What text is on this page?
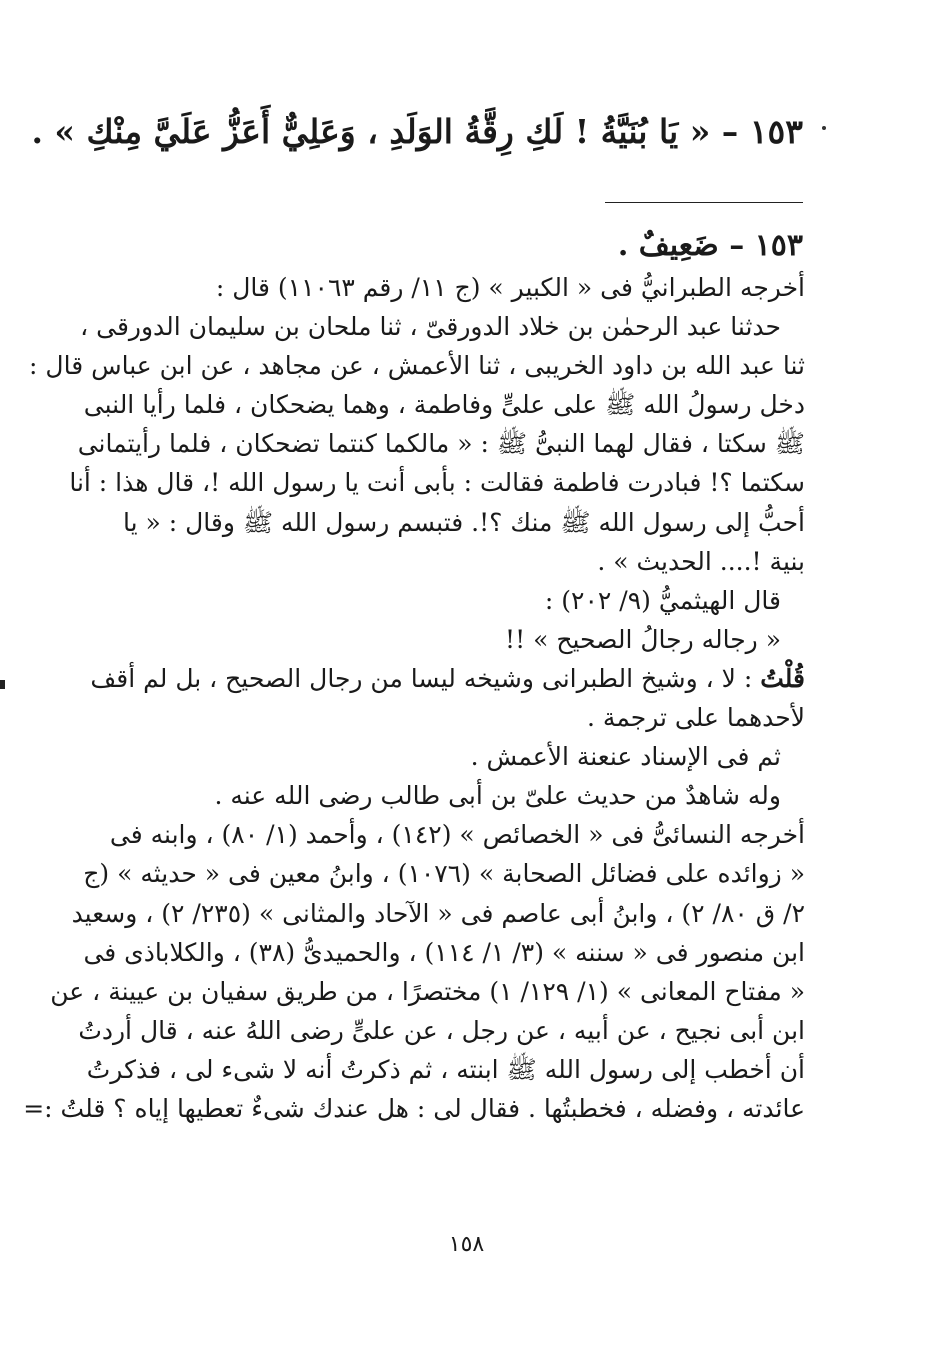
١٥٣ – « يَا بُنَيَّةُ ! لَكِ رِقَّةُ الوَلَدِ ، وَعَلِيٌّ أَعَزُّ عَلَيَّ مِنْكِ » .
١٥٣ – ضَعِيفٌ .
أخرجه الطبرانيُّ فى « الكبير » (ج ١١/ رقم ١١٠٦٣) قال :
حدثنا عبد الرحمٰن بن خلاد الدورقىّ ، ثنا ملحان بن سليمان الدورقى ،
ثنا عبد الله بن داود الخريبى ، ثنا الأعمش ، عن مجاهد ، عن ابن عباس قال :
دخل رسولُ الله ﷺ على علىٍّ وفاطمة ، وهما يضحكان ، فلما رأيا النبى
ﷺ سكتا ، فقال لهما النبىُّ ﷺ : « مالكما كنتما تضحكان ، فلما رأيتمانى
سكتما ؟! فبادرت فاطمة فقالت : بأبى أنت يا رسول الله !، قال هذا : أنا
أحبُّ إلى رسول الله ﷺ منك ؟!. فتبسم رسول الله ﷺ وقال : « يا
بنية !.... الحديث » .
قال الهيثميُّ (٩/ ٢٠٢) :
« رجاله رجالُ الصحيح » !!
قُلْتُ : لا ، وشيخ الطبرانى وشيخه ليسا من رجال الصحيح ، بل لم أقف
لأحدهما على ترجمة .
ثم فى الإسناد عنعنة الأعمش .
وله شاهدٌ من حديث علىّ بن أبى طالب رضى الله عنه .
أخرجه النسائىُّ فى « الخصائص » (١٤٢) ، وأحمد (١/ ٨٠) ، وابنه فى
« زوائده على فضائل الصحابة » (١٠٧٦) ، وابنُ معين فى « حديثه » (ج
٢/ ق ٨٠/ ٢) ، وابنُ أبى عاصم فى « الآحاد والمثانى » (٢٣٥/ ٢) ، وسعيد
ابن منصور فى « سننه » (٣/ ١/ ١١٤) ، والحميدىُّ (٣٨) ، والكلاباذى فى
« مفتاح المعانى » (١/ ١٢٩/ ١) مختصرًا ، من طريق سفيان بن عيينة ، عن
ابن أبى نجيح ، عن أبيه ، عن رجل ، عن علىٍّ رضى اللهُ عنه ، قال أردتُ
أن أخطب إلى رسول الله ﷺ ابنته ، ثم ذكرتُ أنه لا شىء لى ، فذكرتُ
عائدته ، وفضله ، فخطبتُها . فقال لى : هل عندك شىءٌ تعطيها إياه ؟ قلتُ :=
١٥٨
